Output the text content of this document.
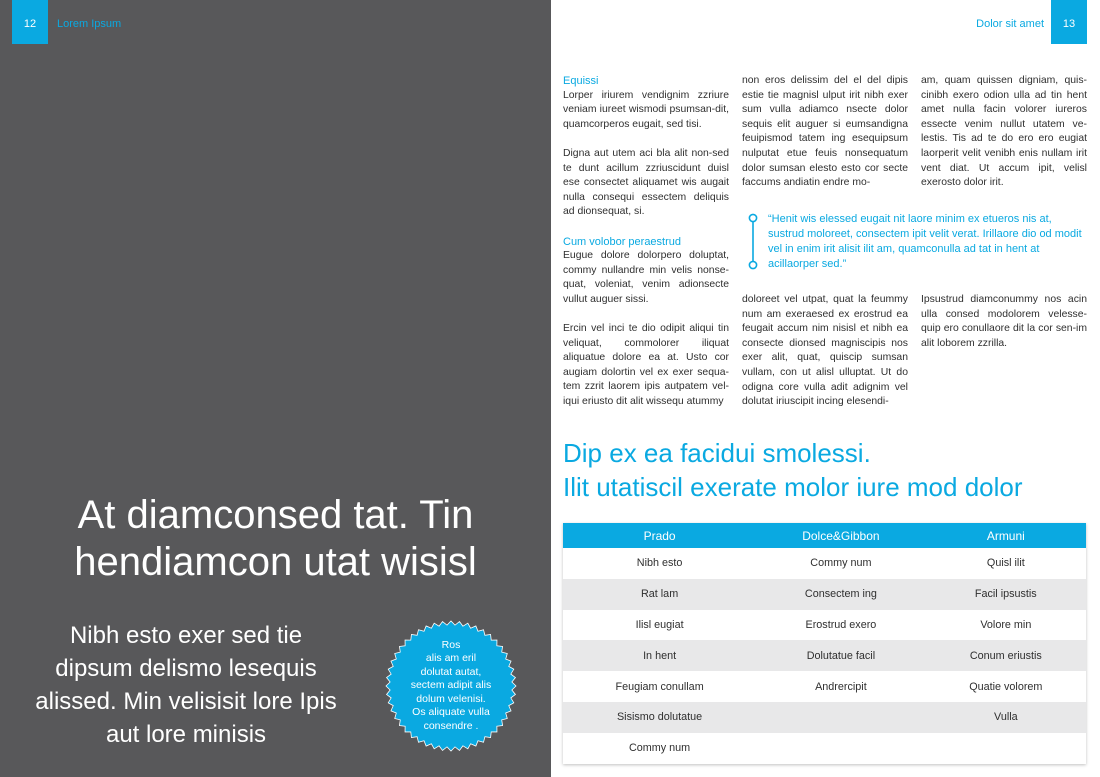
12	Lorem Ipsum
At diamconsed tat. Tin
hendiamcon utat wisisl
Nibh esto exer sed tie
dipsum delismo lesequis
alissed. Min velisisit lore Ipis
aut lore minisis
Ros
alis am eril
dolutat autat,
sectem adipit alis
dolum velenisi.
Os aliquate vulla
consendre .
Dolor sit amet	13
Equissi

Lorper iriurem vendignim zzriure veniam iureet wismodi psumsan-dit, quamcorperos eugait, sed tisi.

Digna aut utem aci bla alit non-sed te dunt acillum zzriuscidunt duisl ese consectet aliquamet wis augait nulla consequi essectem deliquis ad dionsequat, si.

Cum volobor peraestrud

Eugue dolore dolorpero doluptat, commy nullandre min velis nonse-quat, voleniat, venim adionsecte vullut auguer sissi.

Ercin vel inci te dio odipit aliqui tin veliquat, commolorer iliquat aliquatue dolore ea at. Usto cor augiam dolortin vel ex exer sequa-tem zzrit laorem ipis autpatem vel-iqui eriusto dit alit wissequ atummy

non eros delissim del el del dipis estie tie magnisl ulput irit nibh exer sum vulla adiamco nsecte dolor sequis elit auguer si eumsandigna feuipismod tatem ing esequipsum nulputat etue feuis nonsequatum dolor sumsan elesto esto cor secte faccums andiatin endre mo-

am, quam quissen digniam, quis-cinibh exero odion ulla ad tin hent amet nulla facin volorer iureros essecte venim nullut utatem ve-lestis. Tis ad te do ero ero eugiat laorperit velit venibh enis nullam irit vent diat. Ut accum ipit, velisl exerosto dolor irit.

“Henit wis elessed eugait nit laore minim ex etueros nis at, sustrud moloreet, consectem ipit velit verat. Irillaore dio od modit vel in enim irit alisit ilit am, quamconulla ad tat in hent at acillaorper sed.”

doloreet vel utpat, quat la feummy num am exeraesed ex erostrud ea feugait accum nim nisisl et nibh ea consecte dionsed magniscipis nos exer alit, quat, quiscip sumsan vullam, con ut alisl ulluptat. Ut do odigna core vulla adit adignim vel dolutat iriuscipit incing elesendi-

Ipsustrud diamconummy nos acin ulla consed modolorem velesse-quip ero conullaore dit la cor sen-im alit loborem zzrilla.

Dip ex ea facidui smolessi.
Ilit utatiscil exerate molor iure mod dolor
Prado	Dolce&Gibbon	Armuni
Nibh esto	Commy num	Quisl ilit
Rat lam	Consectem ing	Facil ipsustis
Ilisl eugiat	Erostrud exero	Volore min
In hent	Dolutatue facil	Conum eriustis
Feugiam conullam	Andrercipit	Quatie volorem
Sisismo dolutatue		Vulla
Commy num		
